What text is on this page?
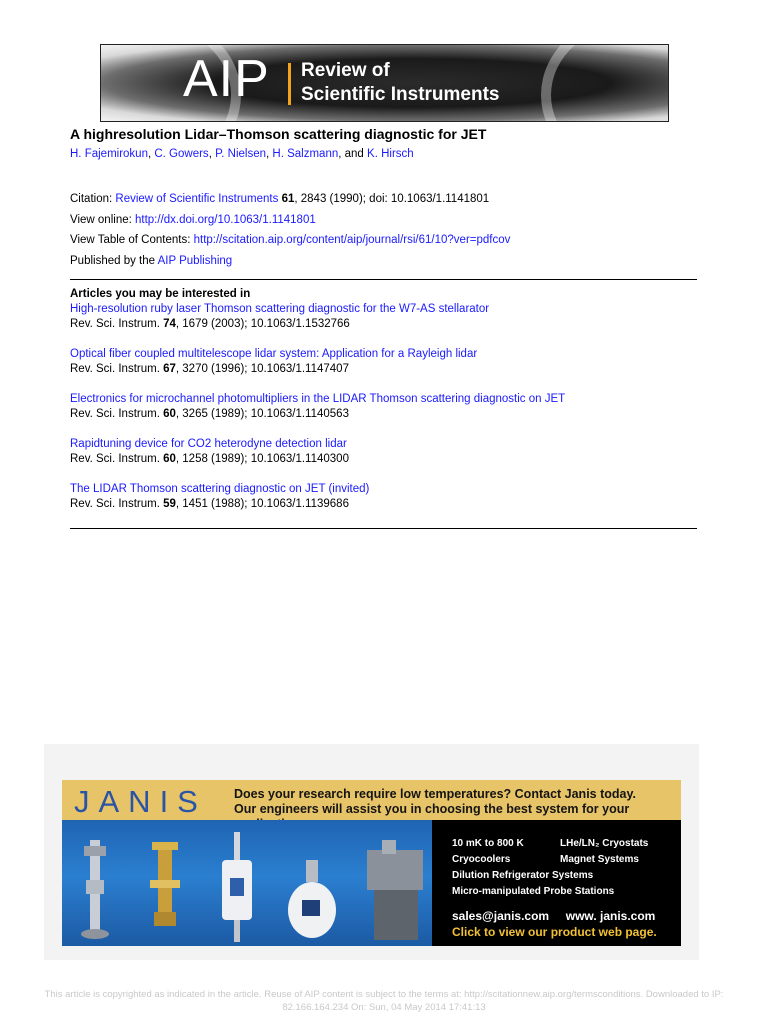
AIP Review of
Scientific Instruments
A highresolution Lidar–Thomson scattering diagnostic for JET
H. Fajemirokun, C. Gowers, P. Nielsen, H. Salzmann, and K. Hirsch
Citation: Review of Scientific Instruments 61, 2843 (1990); doi: 10.1063/1.1141801
View online: http://dx.doi.org/10.1063/1.1141801
View Table of Contents: http://scitation.aip.org/content/aip/journal/rsi/61/10?ver=pdfcov
Published by the AIP Publishing
Articles you may be interested in
High-resolution ruby laser Thomson scattering diagnostic for the W7-AS stellarator
Rev. Sci. Instrum. 74, 1679 (2003); 10.1063/1.1532766
Optical fiber coupled multitelescope lidar system: Application for a Rayleigh lidar
Rev. Sci. Instrum. 67, 3270 (1996); 10.1063/1.1147407
Electronics for microchannel photomultipliers in the LIDAR Thomson scattering diagnostic on JET
Rev. Sci. Instrum. 60, 3265 (1989); 10.1063/1.1140563
Rapidtuning device for CO2 heterodyne detection lidar
Rev. Sci. Instrum. 60, 1258 (1989); 10.1063/1.1140300
The LIDAR Thomson scattering diagnostic on JET (invited)
Rev. Sci. Instrum. 59, 1451 (1988); 10.1063/1.1139686
JANIS Does your research require low temperatures? Contact Janis today.
Our engineers will assist you in choosing the best system for your
10 mK to 800 K
Cryocoolers
Dilution Refrigerator Systems
Micro-manipulated Probe Stations
LHe/LN₂ Cryostats
Magnet Systems
sales@janis.com www. janis.com
Click to view our product web page.
This article is copyrighted as indicated in the article. Reuse of AIP content is subject to the terms at: http://scitationnew.aip.org/termsconditions. Downloaded to IP:
82.166.164.234 On: Sun, 04 May 2014 17:41:13
